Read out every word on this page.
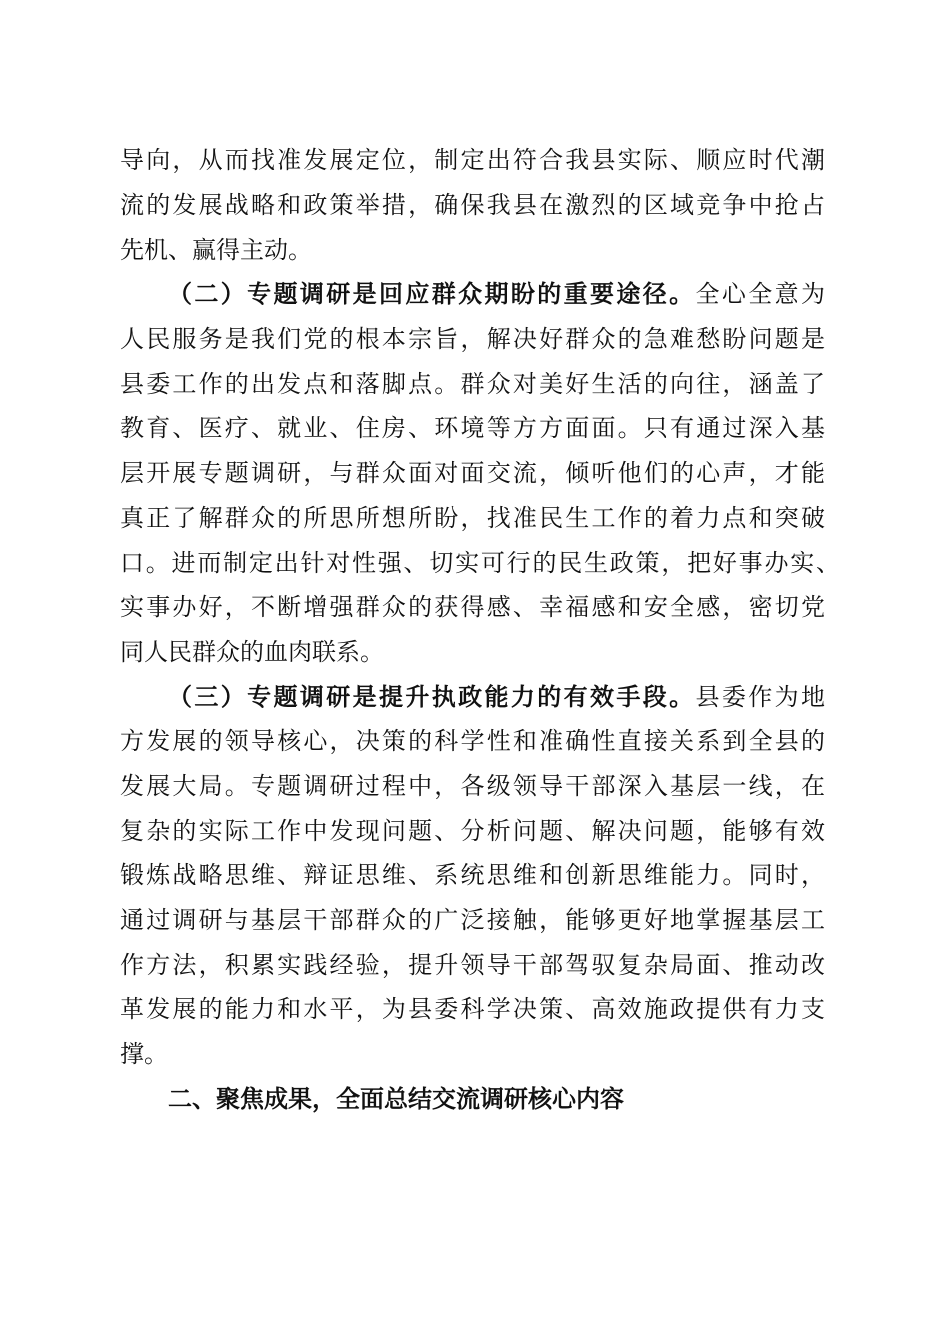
导向，从而找准发展定位，制定出符合我县实际、顺应时代潮
流的发展战略和政策举措，确保我县在激烈的区域竞争中抢占
先机、赢得主动。
（二）专题调研是回应群众期盼的重要途径。全心全意为
人民服务是我们党的根本宗旨，解决好群众的急难愁盼问题是
县委工作的出发点和落脚点。群众对美好生活的向往，涵盖了
教育、医疗、就业、住房、环境等方方面面。只有通过深入基
层开展专题调研，与群众面对面交流，倾听他们的心声，才能
真正了解群众的所思所想所盼，找准民生工作的着力点和突破
口。进而制定出针对性强、切实可行的民生政策，把好事办实、
实事办好，不断增强群众的获得感、幸福感和安全感，密切党
同人民群众的血肉联系。
（三）专题调研是提升执政能力的有效手段。县委作为地
方发展的领导核心，决策的科学性和准确性直接关系到全县的
发展大局。专题调研过程中，各级领导干部深入基层一线，在
复杂的实际工作中发现问题、分析问题、解决问题，能够有效
锻炼战略思维、辩证思维、系统思维和创新思维能力。同时，
通过调研与基层干部群众的广泛接触，能够更好地掌握基层工
作方法，积累实践经验，提升领导干部驾驭复杂局面、推动改
革发展的能力和水平，为县委科学决策、高效施政提供有力支
撑。
二、聚焦成果，全面总结交流调研核心内容
